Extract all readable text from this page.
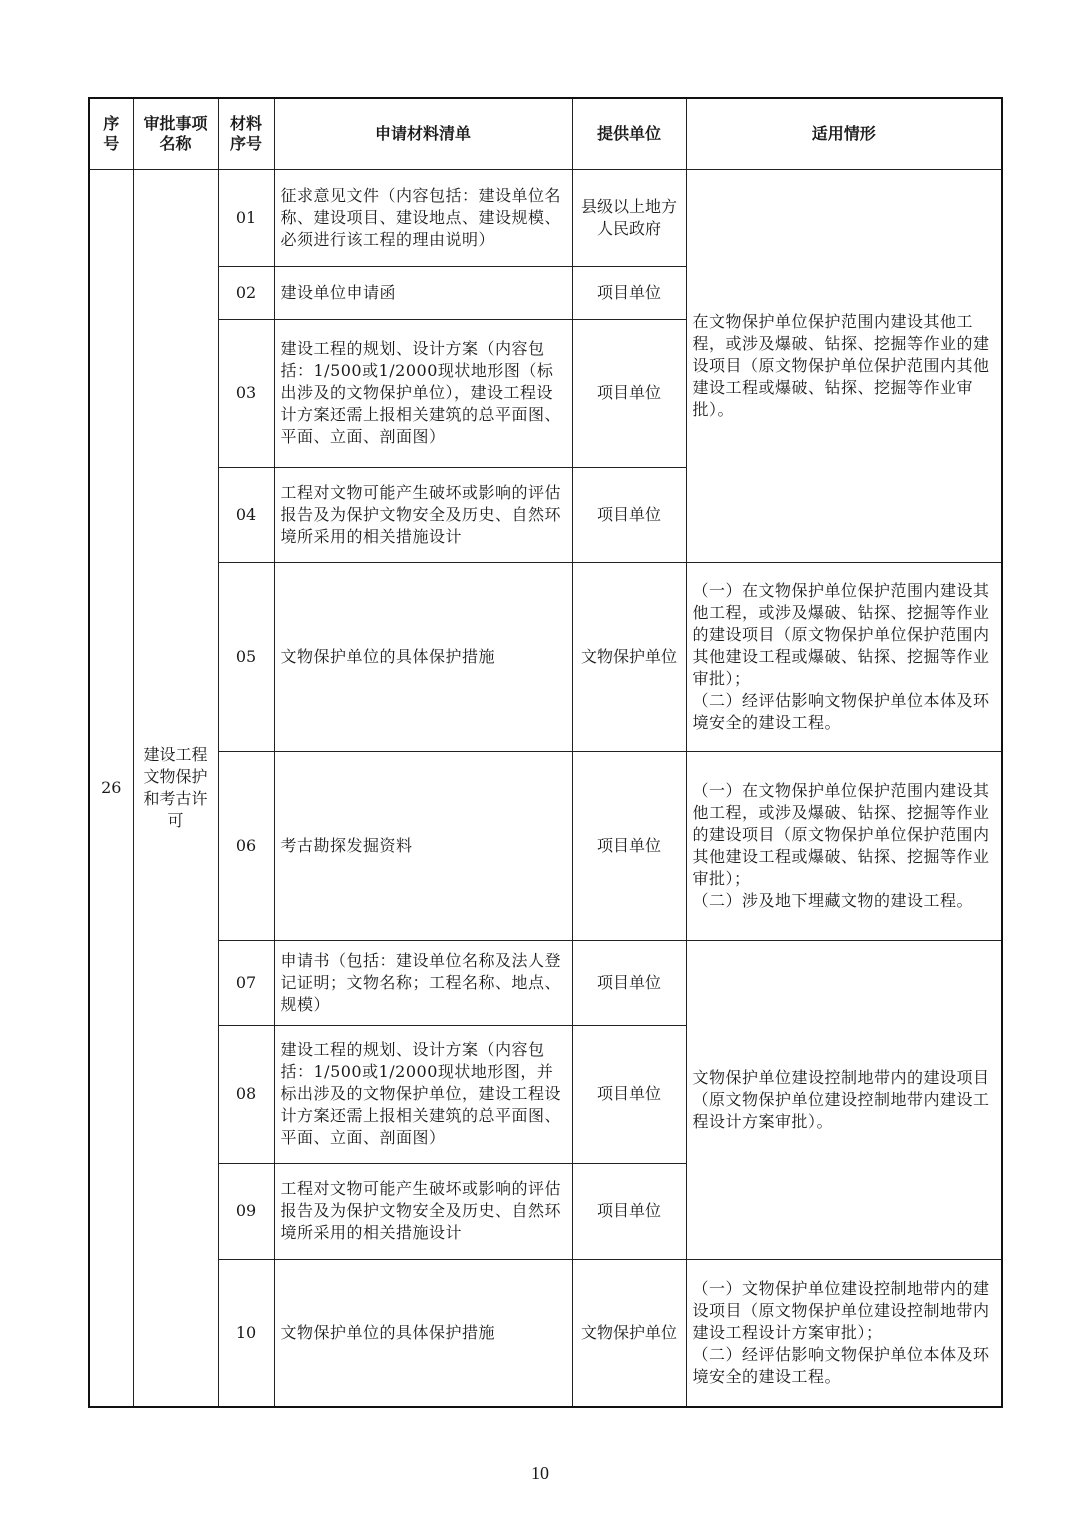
序号	审批事项名称	材料序号	申请材料清单	提供单位	适用情形
26	建设工程文物保护和考古许可	01	征求意见文件（内容包括：建设单位名称、建设项目、建设地点、建设规模、必须进行该工程的理由说明）	县级以上地方人民政府	在文物保护单位保护范围内建设其他工程，或涉及爆破、钻探、挖掘等作业的建设项目（原文物保护单位保护范围内其他建设工程或爆破、钻探、挖掘等作业审批）。
		02	建设单位申请函	项目单位	
		03	建设工程的规划、设计方案（内容包括：1/500或1/2000现状地形图（标出涉及的文物保护单位），建设工程设计方案还需上报相关建筑的总平面图、平面、立面、剖面图）	项目单位	
		04	工程对文物可能产生破坏或影响的评估报告及为保护文物安全及历史、自然环境所采用的相关措施设计	项目单位	
		05	文物保护单位的具体保护措施	文物保护单位	（一）在文物保护单位保护范围内建设其他工程，或涉及爆破、钻探、挖掘等作业的建设项目（原文物保护单位保护范围内其他建设工程或爆破、钻探、挖掘等作业审批）；
（二）经评估影响文物保护单位本体及环境安全的建设工程。
		06	考古勘探发掘资料	项目单位	（一）在文物保护单位保护范围内建设其他工程，或涉及爆破、钻探、挖掘等作业的建设项目（原文物保护单位保护范围内其他建设工程或爆破、钻探、挖掘等作业审批）；
（二）涉及地下埋藏文物的建设工程。
		07	申请书（包括：建设单位名称及法人登记证明；文物名称；工程名称、地点、规模）	项目单位	文物保护单位建设控制地带内的建设项目（原文物保护单位建设控制地带内建设工程设计方案审批）。
		08	建设工程的规划、设计方案（内容包括：1/500或1/2000现状地形图，并标出涉及的文物保护单位，建设工程设计方案还需上报相关建筑的总平面图、平面、立面、剖面图）	项目单位	
		09	工程对文物可能产生破坏或影响的评估报告及为保护文物安全及历史、自然环境所采用的相关措施设计	项目单位	
		10	文物保护单位的具体保护措施	文物保护单位	（一）文物保护单位建设控制地带内的建设项目（原文物保护单位建设控制地带内建设工程设计方案审批）；
（二）经评估影响文物保护单位本体及环境安全的建设工程。
10
